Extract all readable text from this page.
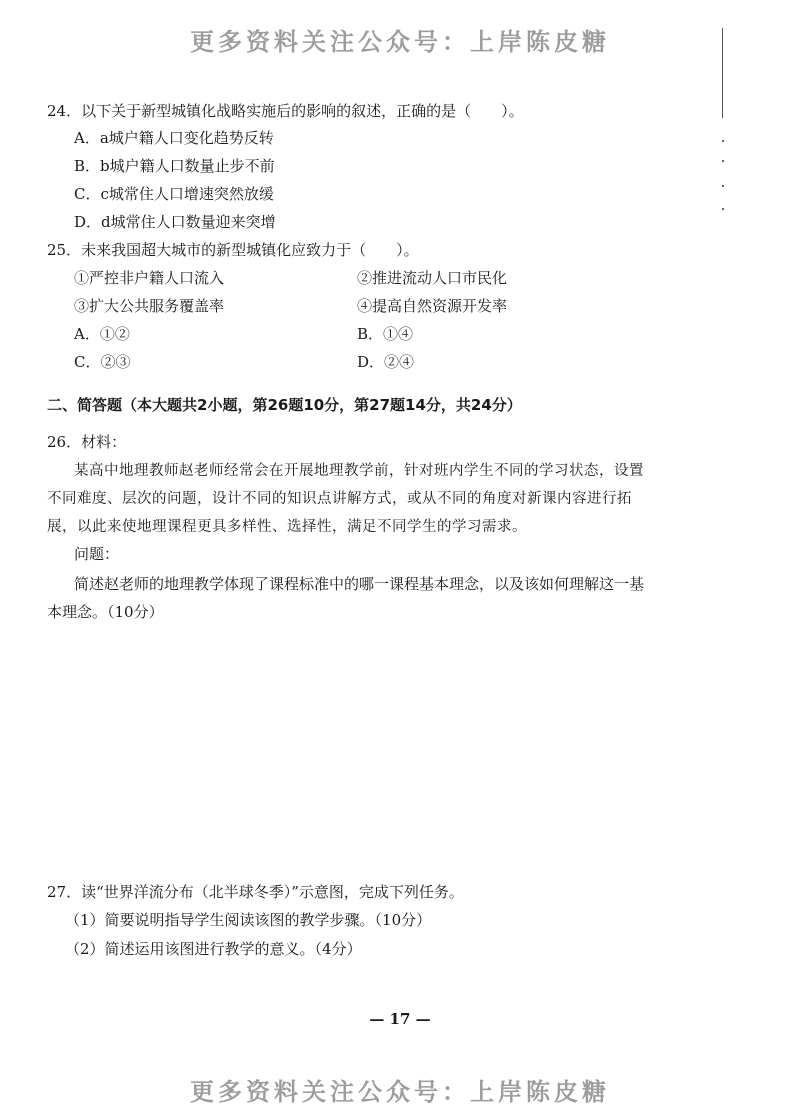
更多资料关注公众号：上岸陈皮糖
24．以下关于新型城镇化战略实施后的影响的叙述，正确的是（　　）。
A．a城户籍人口变化趋势反转
B．b城户籍人口数量止步不前
C．c城常住人口增速突然放缓
D．d城常住人口数量迎来突增
25．未来我国超大城市的新型城镇化应致力于（　　）。
①严控非户籍人口流入	②推进流动人口市民化
③扩大公共服务覆盖率	④提高自然资源开发率
A．①②	B．①④
C．②③	D．②④
二、简答题（本大题共2小题，第26题10分，第27题14分，共24分）
26．材料：
某高中地理教师赵老师经常会在开展地理教学前，针对班内学生不同的学习状态，设置
不同难度、层次的问题，设计不同的知识点讲解方式，或从不同的角度对新课内容进行拓
展，以此来使地理课程更具多样性、选择性，满足不同学生的学习需求。
问题：
简述赵老师的地理教学体现了课程标准中的哪一课程基本理念，以及该如何理解这一基
本理念。（10分）
27．读“世界洋流分布（北半球冬季）”示意图，完成下列任务。
（1）简要说明指导学生阅读该图的教学步骤。（10分）
（2）简述运用该图进行教学的意义。（4分）
— 17 —
更多资料关注公众号：上岸陈皮糖
